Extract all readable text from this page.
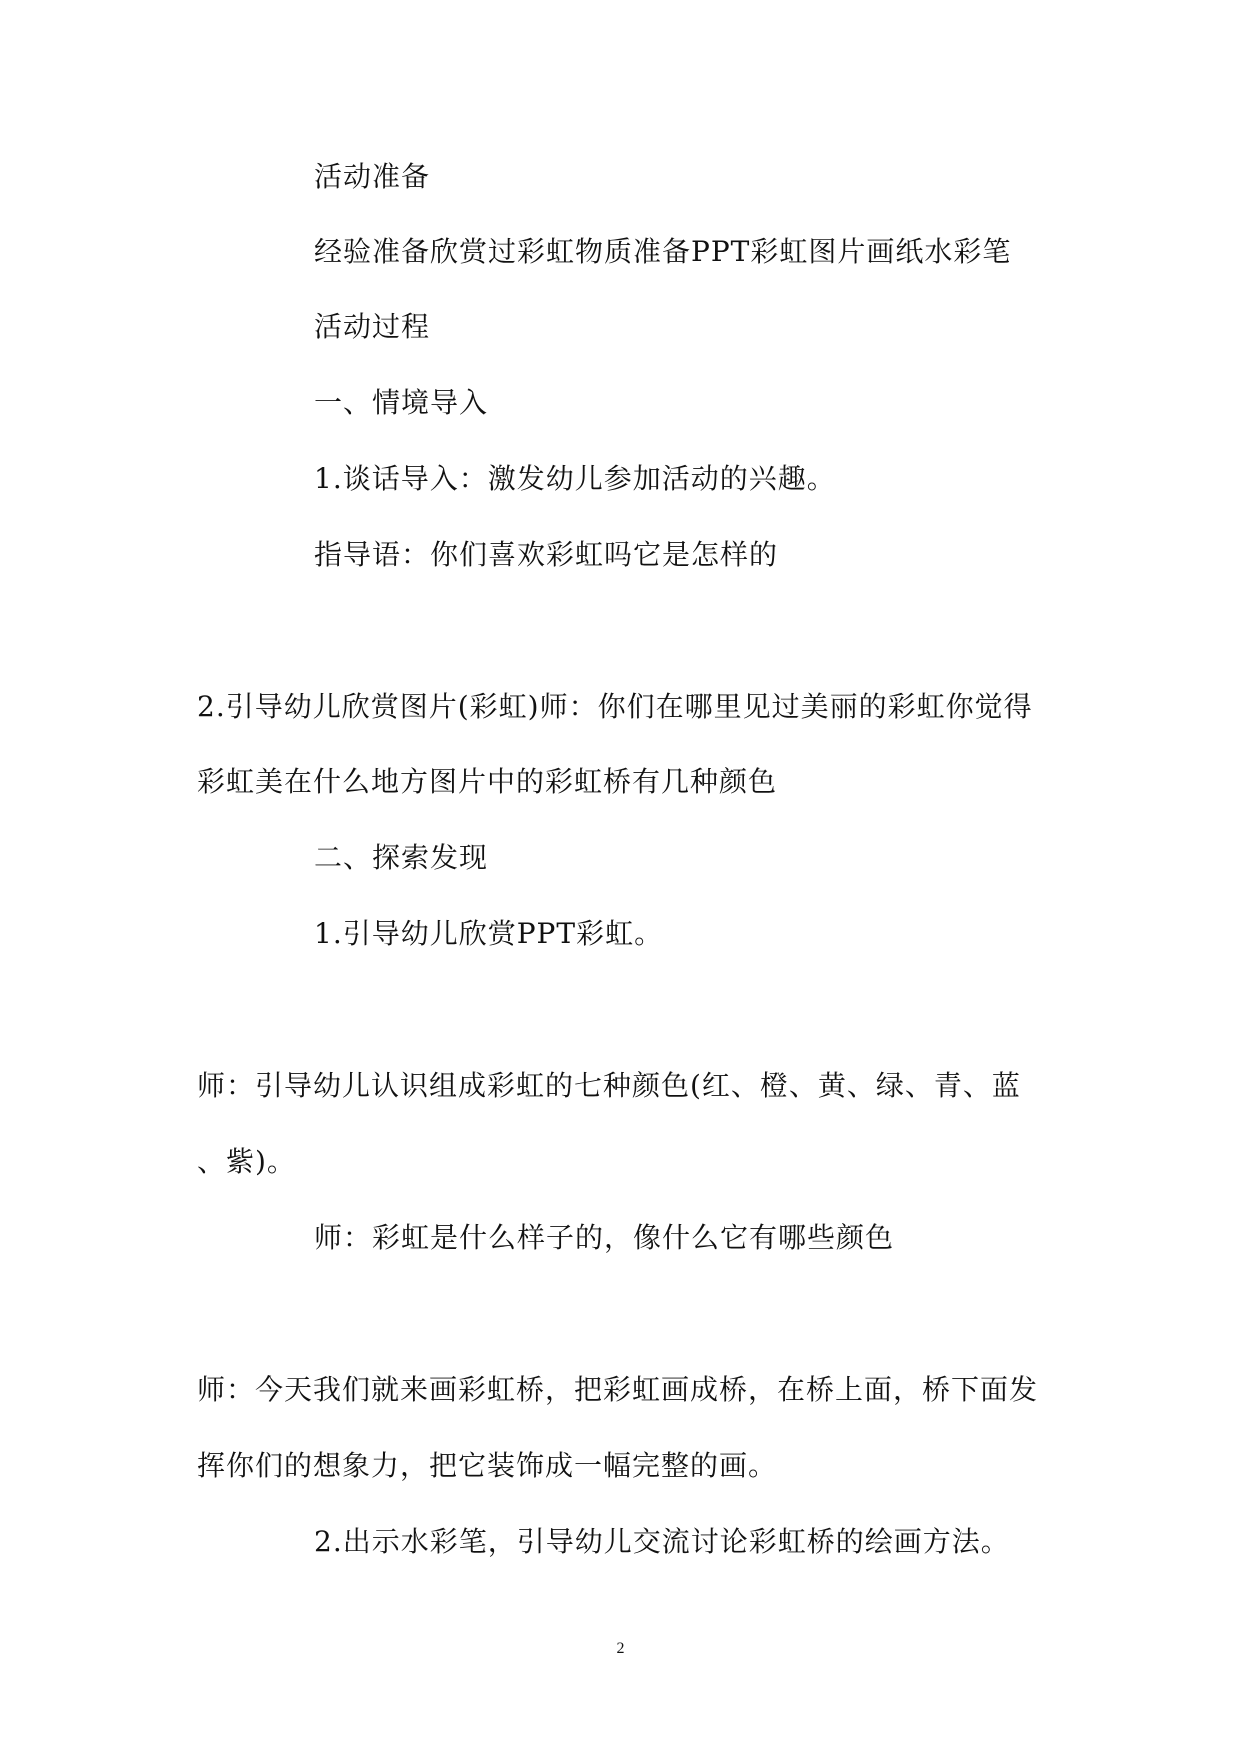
活动准备
经验准备欣赏过彩虹物质准备PPT彩虹图片画纸水彩笔
活动过程
一、情境导入
1.谈话导入：激发幼儿参加活动的兴趣。
指导语：你们喜欢彩虹吗它是怎样的
2.引导幼儿欣赏图片(彩虹)师：你们在哪里见过美丽的彩虹你觉得
彩虹美在什么地方图片中的彩虹桥有几种颜色
二、探索发现
1.引导幼儿欣赏PPT彩虹。
师：引导幼儿认识组成彩虹的七种颜色(红、橙、黄、绿、青、蓝
、紫)。
师：彩虹是什么样子的，像什么它有哪些颜色
师：今天我们就来画彩虹桥，把彩虹画成桥，在桥上面，桥下面发
挥你们的想象力，把它装饰成一幅完整的画。
2.出示水彩笔，引导幼儿交流讨论彩虹桥的绘画方法。
2
